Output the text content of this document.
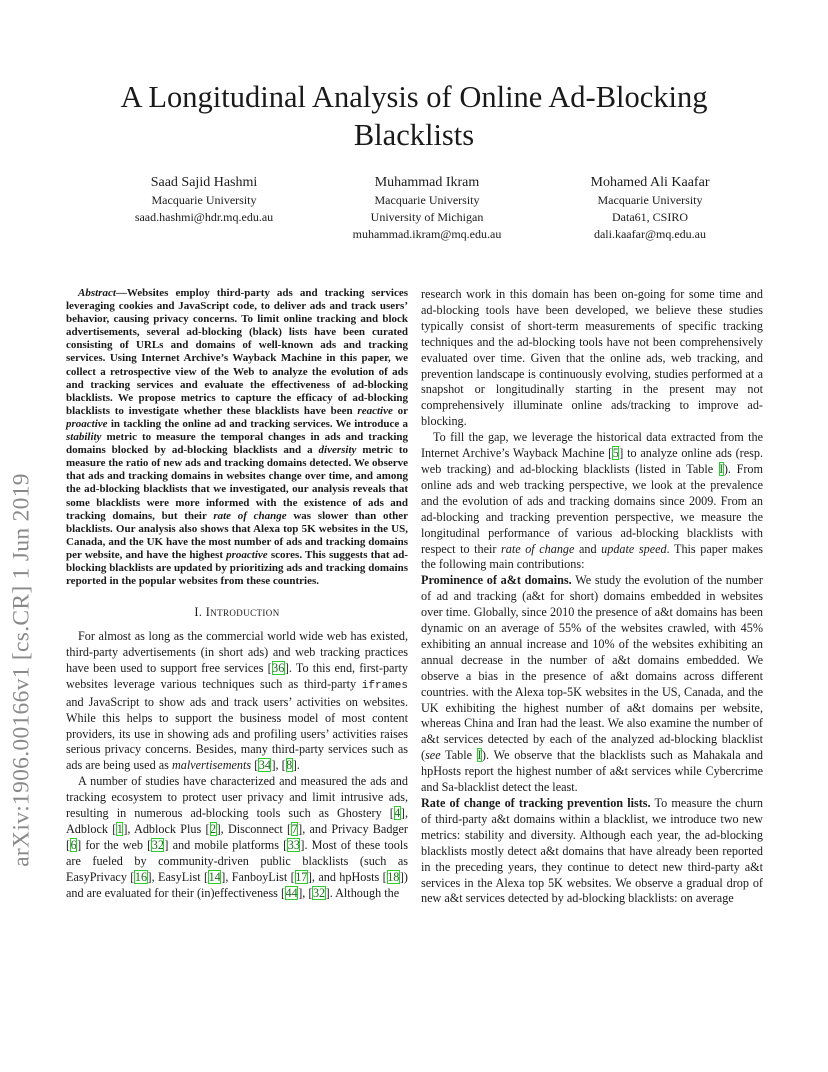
A Longitudinal Analysis of Online Ad-Blocking Blacklists
Saad Sajid Hashmi
Macquarie University
saad.hashmi@hdr.mq.edu.au
Muhammad Ikram
Macquarie University
University of Michigan
muhammad.ikram@mq.edu.au
Mohamed Ali Kaafar
Macquarie University
Data61, CSIRO
dali.kaafar@mq.edu.au
arXiv:1906.00166v1 [cs.CR] 1 Jun 2019

Abstract—Websites employ third-party ads and tracking services leveraging cookies and JavaScript code, to deliver ads and track users’ behavior, causing privacy concerns. To limit online tracking and block advertisements, several ad-blocking (black) lists have been curated consisting of URLs and domains of well-known ads and tracking services. Using Internet Archive’s Wayback Machine in this paper, we collect a retrospective view of the Web to analyze the evolution of ads and tracking services and evaluate the effectiveness of ad-blocking blacklists. We propose metrics to capture the efficacy of ad-blocking blacklists to investigate whether these blacklists have been reactive or proactive in tackling the online ad and tracking services. We introduce a stability metric to measure the temporal changes in ads and tracking domains blocked by ad-blocking blacklists and a diversity metric to measure the ratio of new ads and tracking domains detected. We observe that ads and tracking domains in websites change over time, and among the ad-blocking blacklists that we investigated, our analysis reveals that some blacklists were more informed with the existence of ads and tracking domains, but their rate of change was slower than other blacklists. Our analysis also shows that Alexa top 5K websites in the US, Canada, and the UK have the most number of ads and tracking domains per website, and have the highest proactive scores. This suggests that ad-blocking blacklists are updated by prioritizing ads and tracking domains reported in the popular websites from these countries.

I. Introduction

For almost as long as the commercial world wide web has existed, third-party advertisements (in short ads) and web tracking practices have been used to support free services [36]. To this end, first-party websites leverage various techniques such as third-party iframes and JavaScript to show ads and track users’ activities on websites. While this helps to support the business model of most content providers, its use in showing ads and profiling users’ activities raises serious privacy concerns. Besides, many third-party services such as ads are being used as malvertisements [34], [8].

A number of studies have characterized and measured the ads and tracking ecosystem to protect user privacy and limit intrusive ads, resulting in numerous ad-blocking tools such as Ghostery [4], Adblock [1], Adblock Plus [2], Disconnect [7], and Privacy Badger [6] for the web [32] and mobile platforms [33]. Most of these tools are fueled by community-driven public blacklists (such as EasyPrivacy [16], EasyList [14], FanboyList [17], and hpHosts [18]) and are evaluated for their (in)effectiveness [44], [32]. Although the

research work in this domain has been on-going for some time and ad-blocking tools have been developed, we believe these studies typically consist of short-term measurements of specific tracking techniques and the ad-blocking tools have not been comprehensively evaluated over time. Given that the online ads, web tracking, and prevention landscape is continuously evolving, studies performed at a snapshot or longitudinally starting in the present may not comprehensively illuminate online ads/tracking to improve ad-blocking.

To fill the gap, we leverage the historical data extracted from the Internet Archive’s Wayback Machine [5] to analyze online ads (resp. web tracking) and ad-blocking blacklists (listed in Table I). From online ads and web tracking perspective, we look at the prevalence and the evolution of ads and tracking domains since 2009. From an ad-blocking and tracking prevention perspective, we measure the longitudinal performance of various ad-blocking blacklists with respect to their rate of change and update speed. This paper makes the following main contributions:

Prominence of a&t domains. We study the evolution of the number of ad and tracking (a&t for short) domains embedded in websites over time. Globally, since 2010 the presence of a&t domains has been dynamic on an average of 55% of the websites crawled, with 45% exhibiting an annual increase and 10% of the websites exhibiting an annual decrease in the number of a&t domains embedded. We observe a bias in the presence of a&t domains across different countries. with the Alexa top-5K websites in the US, Canada, and the UK exhibiting the highest number of a&t domains per website, whereas China and Iran had the least. We also examine the number of a&t services detected by each of the analyzed ad-blocking blacklist (see Table I). We observe that the blacklists such as Mahakala and hpHosts report the highest number of a&t services while Cybercrime and Sa-blacklist detect the least.

Rate of change of tracking prevention lists. To measure the churn of third-party a&t domains within a blacklist, we introduce two new metrics: stability and diversity. Although each year, the ad-blocking blacklists mostly detect a&t domains that have already been reported in the preceding years, they continue to detect new third-party a&t services in the Alexa top 5K websites. We observe a gradual drop of new a&t services detected by ad-blocking blacklists: on average
